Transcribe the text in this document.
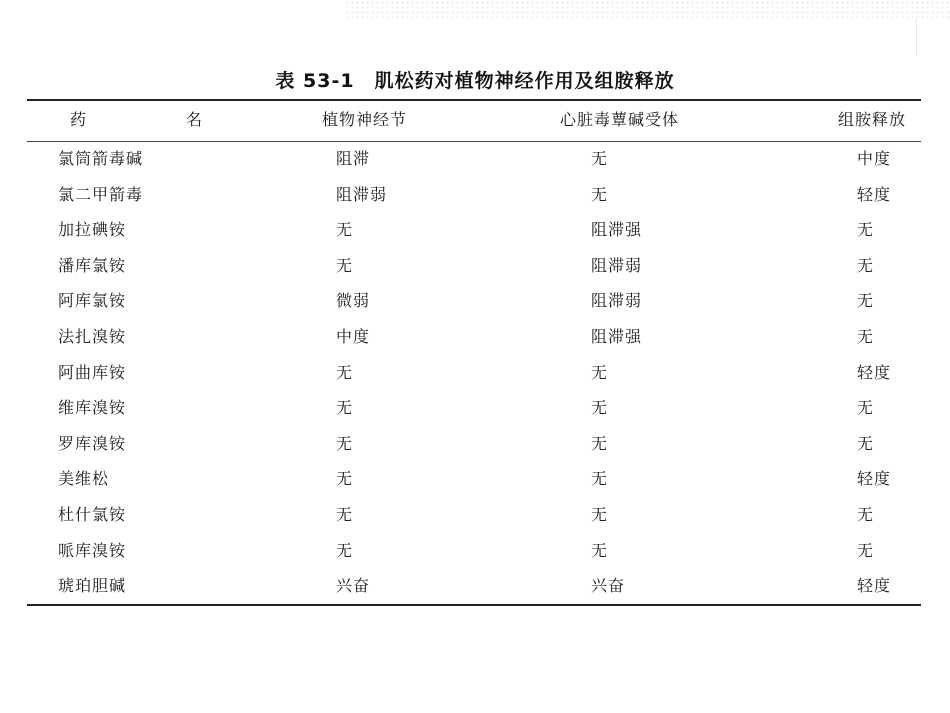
表 53-1 肌松药对植物神经作用及组胺释放
药　名	植物神经节	心脏毒蕈碱受体	组胺释放
氯筒箭毒碱	阻滞	无	中度
氯二甲箭毒	阻滞弱	无	轻度
加拉碘铵	无	阻滞强	无
潘库氯铵	无	阻滞弱	无
阿库氯铵	微弱	阻滞弱	无
法扎溴铵	中度	阻滞强	无
阿曲库铵	无	无	轻度
维库溴铵	无	无	无
罗库溴铵	无	无	无
美维松	无	无	轻度
杜什氯铵	无	无	无
哌库溴铵	无	无	无
琥珀胆碱	兴奋	兴奋	轻度
